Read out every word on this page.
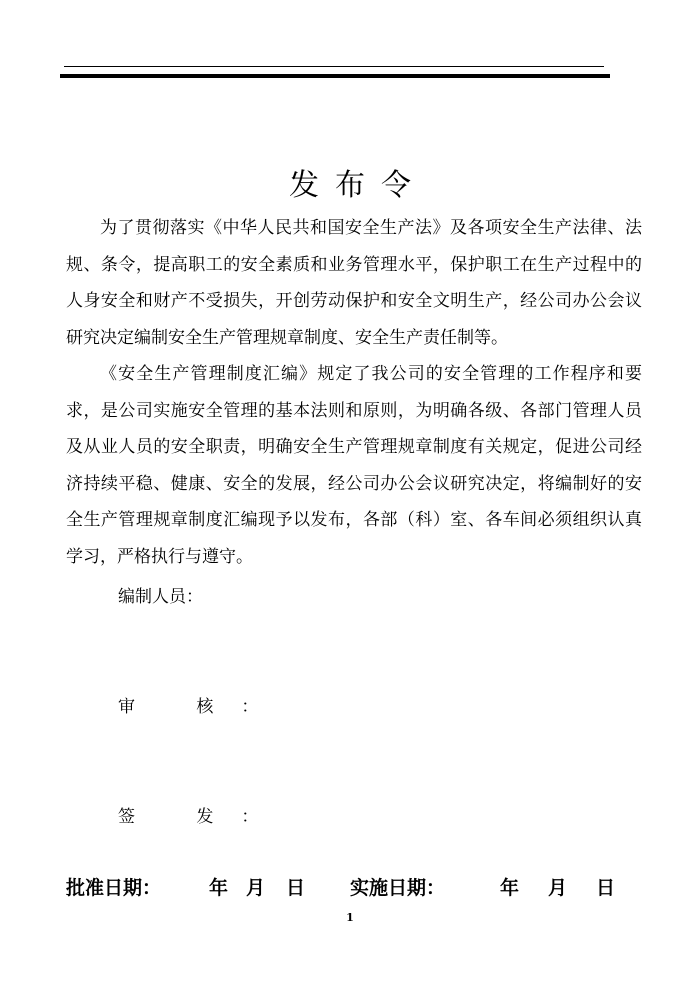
发布令

为了贯彻落实《中华人民共和国安全生产法》及各项安全生产法律、法规、条令，提高职工的安全素质和业务管理水平，保护职工在生产过程中的人身安全和财产不受损失，开创劳动保护和安全文明生产，经公司办公会议研究决定编制安全生产管理规章制度、安全生产责任制等。

《安全生产管理制度汇编》规定了我公司的安全管理的工作程序和要求，是公司实施安全管理的基本法则和原则，为明确各级、各部门管理人员及从业人员的安全职责，明确安全生产管理规章制度有关规定，促进公司经济持续平稳、健康、安全的发展，经公司办公会议研究决定，将编制好的安全生产管理规章制度汇编现予以发布，各部（科）室、各车间必须组织认真学习，严格执行与遵守。

编制人员：
审 核：
签 发：
批准日期：	年 月 日 实施日期：	年 月 日
1
